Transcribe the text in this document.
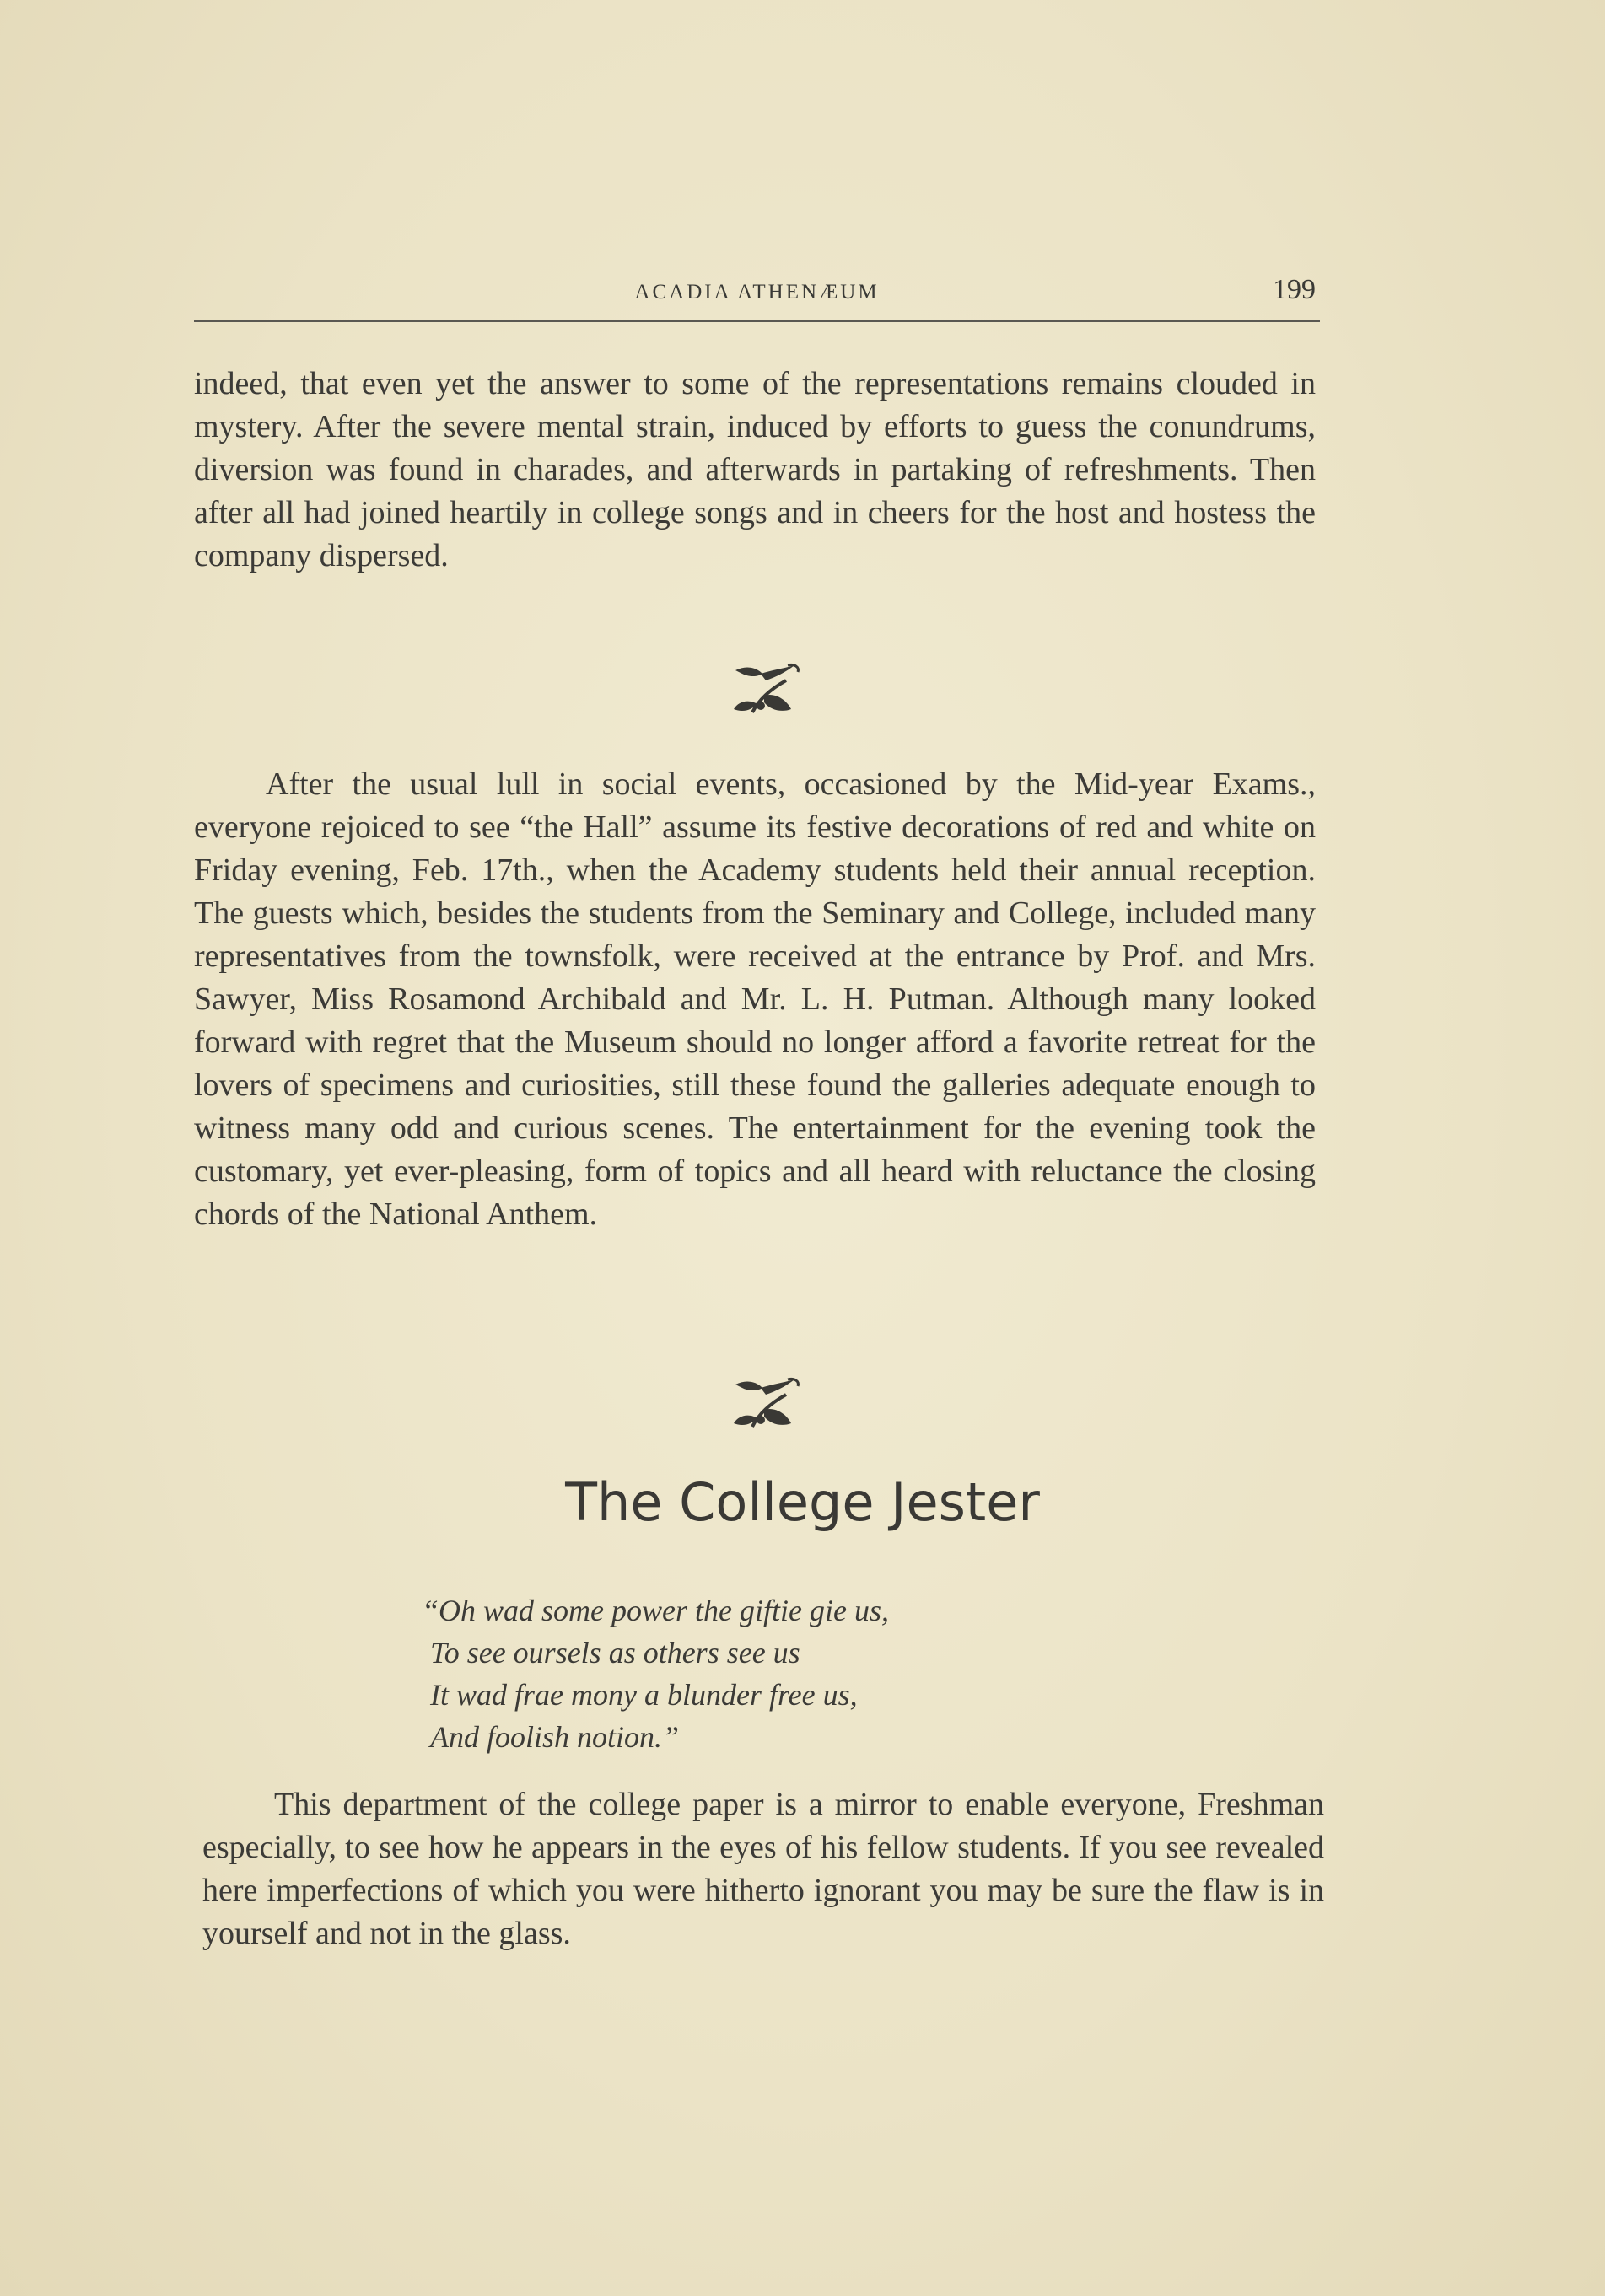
ACADIA ATHENÆUM	199

indeed, that even yet the answer to some of the representations remains clouded in mystery. After the severe mental strain, induced by efforts to guess the conundrums, diversion was found in charades, and afterwards in partaking of refreshments. Then after all had joined heartily in college songs and in cheers for the host and hostess the company dispersed.

After the usual lull in social events, occasioned by the Mid-year Exams., everyone rejoiced to see “the Hall” assume its festive decorations of red and white on Friday evening, Feb. 17th., when the Academy students held their annual reception. The guests which, besides the students from the Seminary and College, included many representatives from the townsfolk, were received at the entrance by Prof. and Mrs. Sawyer, Miss Rosamond Archibald and Mr. L. H. Putman. Although many looked forward with regret that the Museum should no longer afford a favorite retreat for the lovers of specimens and curiosities, still these found the galleries adequate enough to witness many odd and curious scenes. The entertainment for the evening took the customary, yet ever-pleasing, form of topics and all heard with reluctance the closing chords of the National Anthem.

The College Jester
“Oh wad some power the giftie gie us,
To see oursels as others see us
It wad frae mony a blunder free us,
And foolish notion.”

This department of the college paper is a mirror to enable everyone, Freshman especially, to see how he appears in the eyes of his fellow students. If you see revealed here imperfections of which you were hitherto ignorant you may be sure the flaw is in yourself and not in the glass.
